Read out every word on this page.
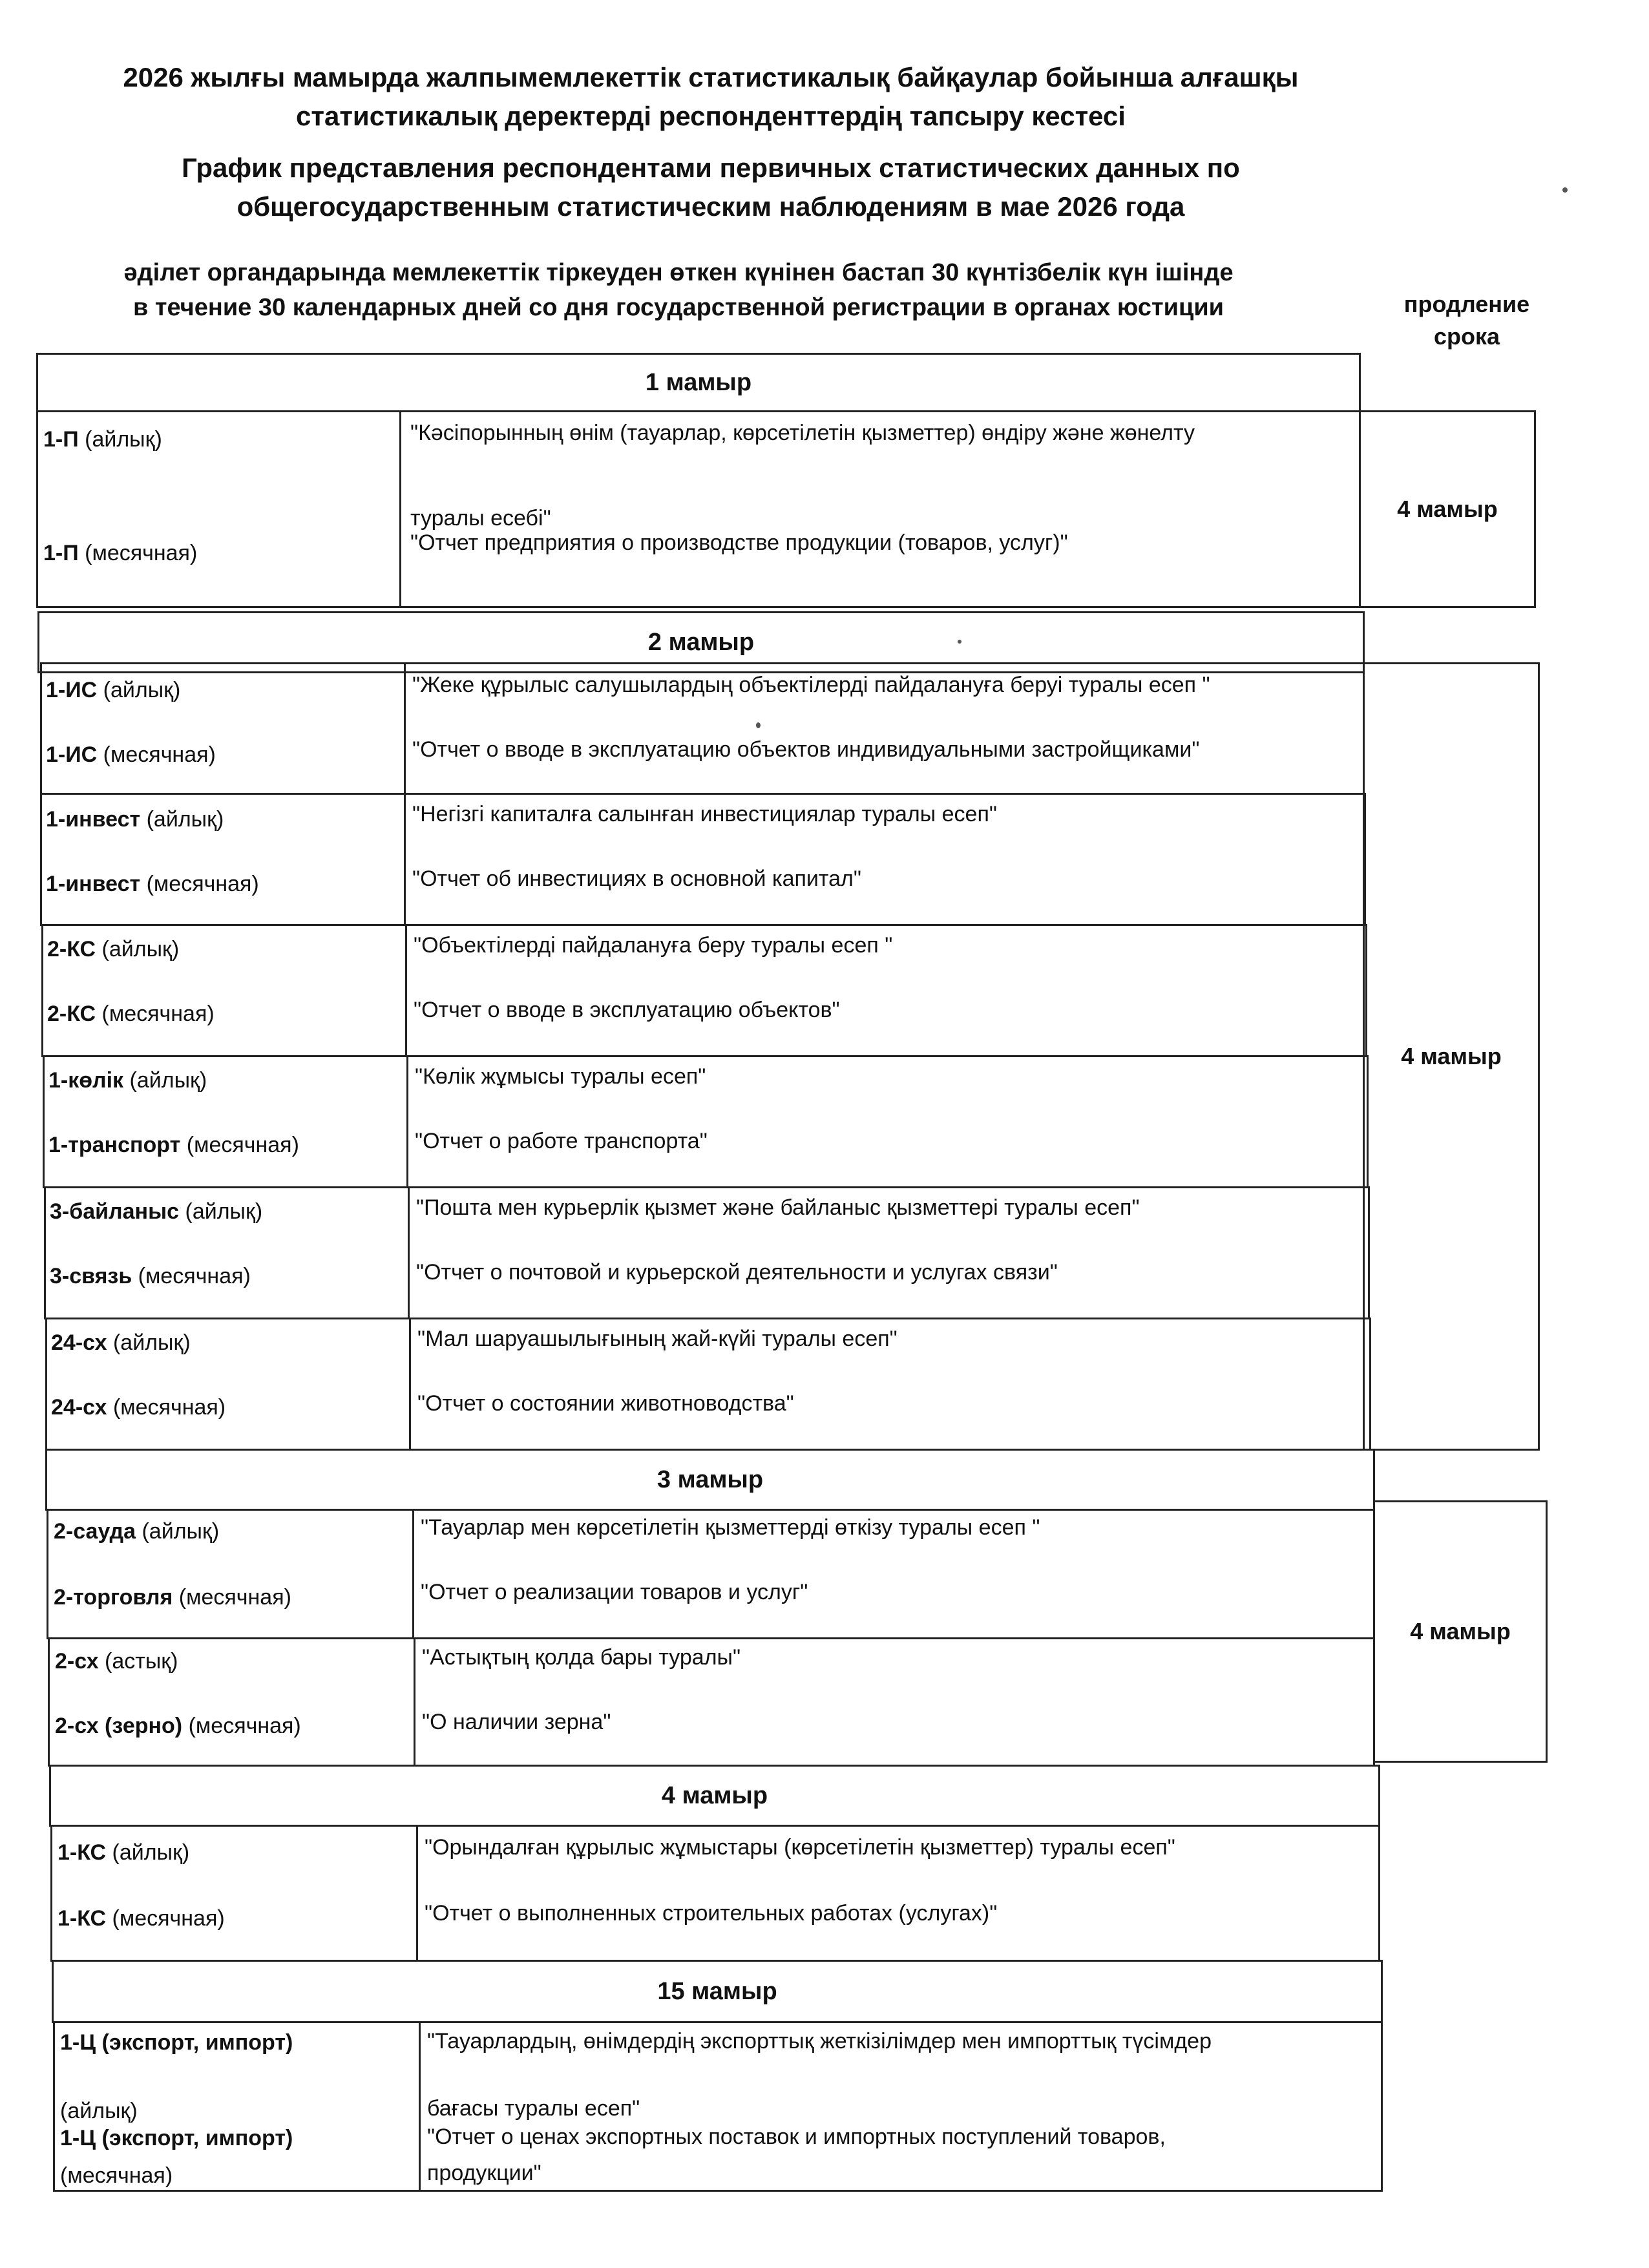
2026 жылғы мамырда жалпымемлекеттік статистикалық байқаулар бойынша алғашқы
статистикалық деректерді респонденттердің тапсыру кестесі
График представления респондентами первичных статистических данных по
общегосударственным статистическим наблюдениям в мае 2026 года
әділет органдарында мемлекеттік тіркеуден өткен күнінен бастап 30 күнтізбелік күн ішінде
в течение 30 календарных дней со дня государственной регистрации в органах юстиции	продление
срока
1 мамыр
1-П (айлық)
1-П (месячная)
"Кәсіпорынның өнім (тауарлар, көрсетілетін қызметтер) өндіру және жөнелту
туралы есебі"
"Отчет предприятия о производстве продукции (товаров, услуг)"
4 мамыр
2 мамыр
4 мамыр
1-ИС (айлық)
1-ИС (месячная)
"Жеке құрылыс салушылардың объектілерді пайдалануға беруі туралы есеп "
"Отчет о вводе в эксплуатацию объектов индивидуальными застройщиками"
1-инвест (айлық)
1-инвест (месячная)
"Негізгі капиталға салынған инвестициялар туралы есеп"
"Отчет об инвестициях в основной капитал"
2-КС (айлық)
2-КС (месячная)
"Объектілерді пайдалануға беру туралы есеп "
"Отчет о вводе в эксплуатацию объектов"
1-көлік (айлық)
1-транспорт (месячная)
"Көлік жұмысы туралы есеп"
"Отчет о работе транспорта"
3-байланыс (айлық)
3-связь (месячная)
"Пошта мен курьерлік қызмет және байланыс қызметтері туралы есеп"
"Отчет о почтовой и курьерской деятельности и услугах связи"
24-сх (айлық)
24-сх (месячная)
"Мал шаруашылығының жай-күйі туралы есеп"
"Отчет о состоянии животноводства"
3 мамыр
4 мамыр
2-сауда (айлық)
2-торговля (месячная)
"Тауарлар мен көрсетілетін қызметтерді өткізу туралы есеп "
"Отчет о реализации товаров и услуг"
2-сх (астық)
2-сх (зерно) (месячная)
"Астықтың қолда бары туралы"
"О наличии зерна"
4 мамыр
1-КС (айлық)
1-КС (месячная)
"Орындалған құрылыс жұмыстары (көрсетілетін қызметтер) туралы есеп"
"Отчет о выполненных строительных работах (услугах)"
15 мамыр
1-Ц (экспорт, импорт)
(айлық)
1-Ц (экспорт, импорт)
(месячная)
"Тауарлардың, өнімдердің экспорттық жеткізілімдер мен импорттық түсімдер
бағасы туралы есеп"
"Отчет о ценах экспортных поставок и импортных поступлений товаров,
продукции"
